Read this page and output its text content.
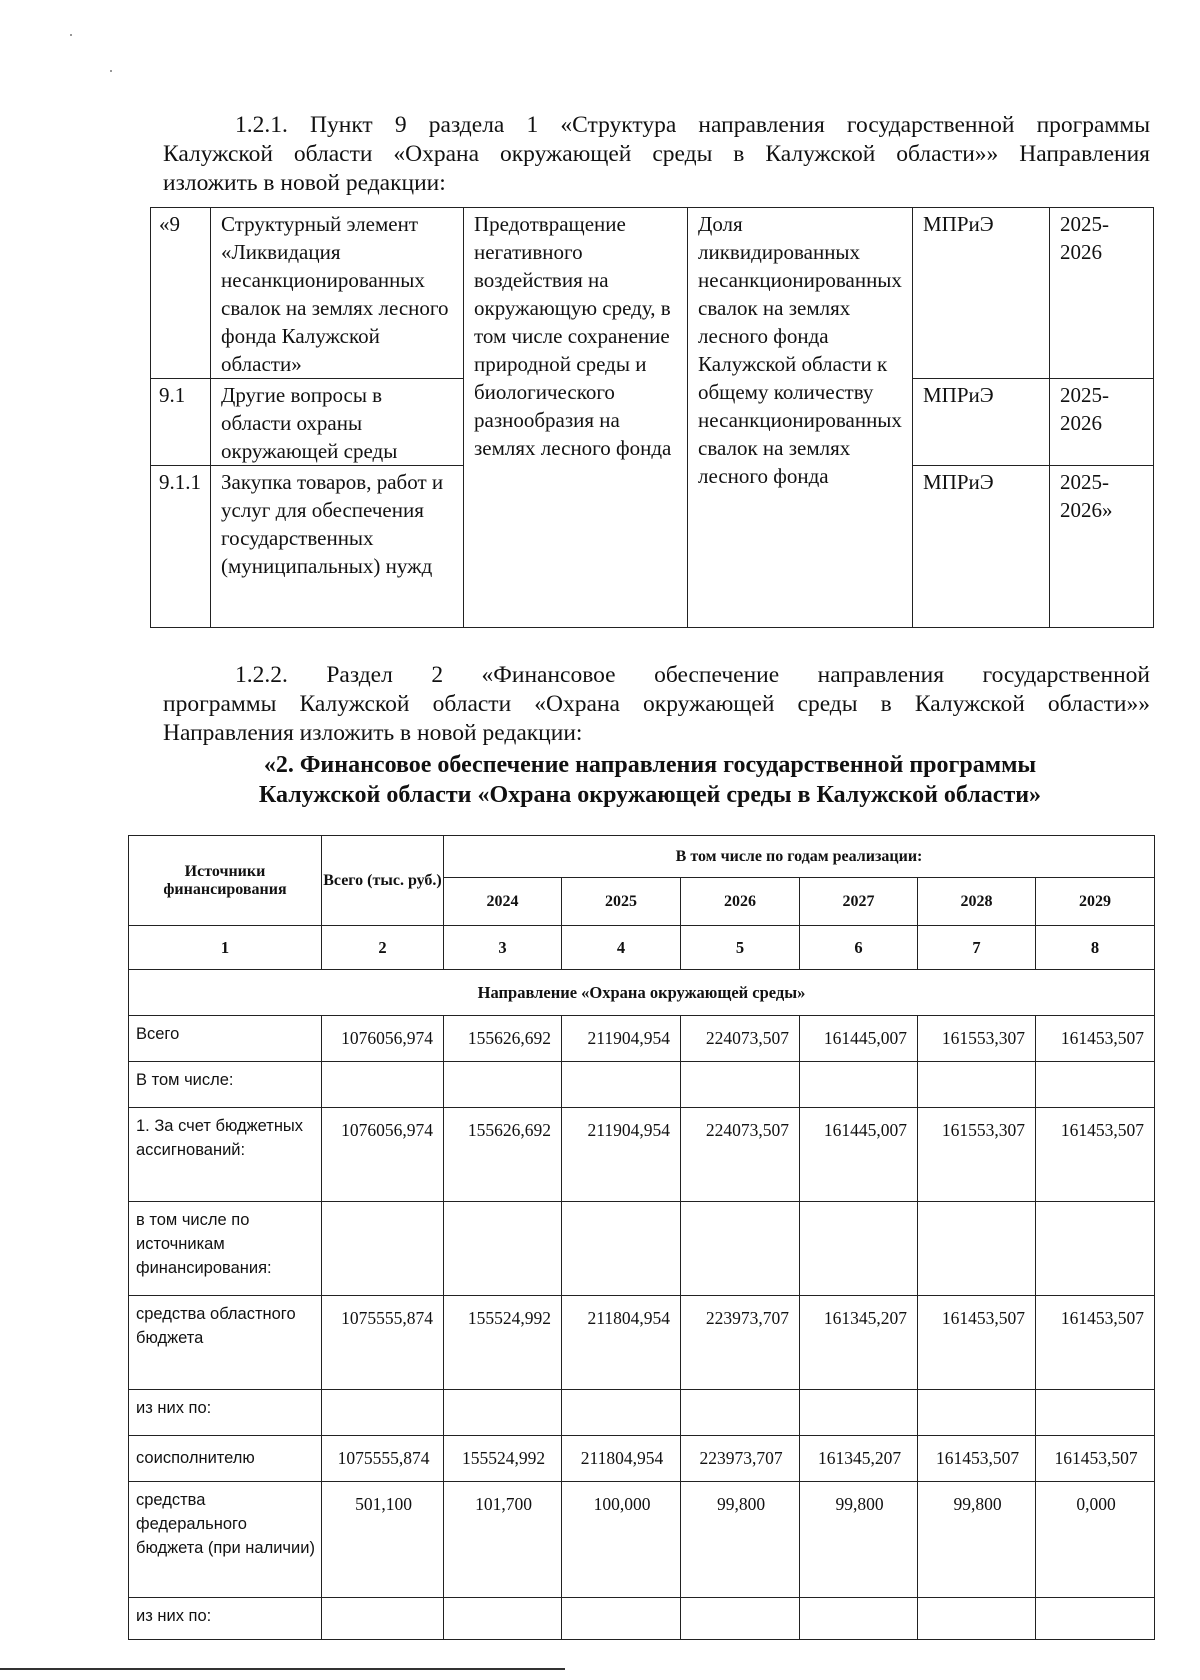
1.2.1. Пункт 9 раздела 1 «Структура направления государственной программы
Калужской области «Охрана окружающей среды в Калужской области»» Направления
изложить в новой редакции:
«9	Структурный элемент «Ликвидация несанкционированных свалок на землях лесного фонда Калужской области»	Предотвращение негативного воздействия на окружающую среду, в том числе сохранение природной среды и биологического разнообразия на землях лесного фонда	Доля ликвидированных несанкционированных свалок на землях лесного фонда Калужской области к общему количеству несанкционированных свалок на землях лесного фонда	МПРиЭ	2025-2026
9.1	Другие вопросы в области охраны окружающей среды			МПРиЭ	2025-2026
9.1.1	Закупка товаров, работ и услуг для обеспечения государственных (муниципальных) нужд			МПРиЭ	2025-2026»
1.2.2. Раздел 2 «Финансовое обеспечение направления государственной
программы Калужской области «Охрана окружающей среды в Калужской области»»
Направления изложить в новой редакции:
«2. Финансовое обеспечение направления государственной программы
Калужской области «Охрана окружающей среды в Калужской области»
Источники финансирования	Всего (тыс. руб.)	В том числе по годам реализации:					
		2024	2025	2026	2027	2028	2029
1	2	3	4	5	6	7	8
Направление «Охрана окружающей среды»							
Всего	1076056,974	155626,692	211904,954	224073,507	161445,007	161553,307	161453,507
В том числе:							
1. За счет бюджетных ассигнований:	1076056,974	155626,692	211904,954	224073,507	161445,007	161553,307	161453,507
в том числе по источникам финансирования:							
средства областного бюджета	1075555,874	155524,992	211804,954	223973,707	161345,207	161453,507	161453,507
из них по:							
соисполнителю	1075555,874	155524,992	211804,954	223973,707	161345,207	161453,507	161453,507
средства федерального бюджета (при наличии)	501,100	101,700	100,000	99,800	99,800	99,800	0,000
из них по:							
